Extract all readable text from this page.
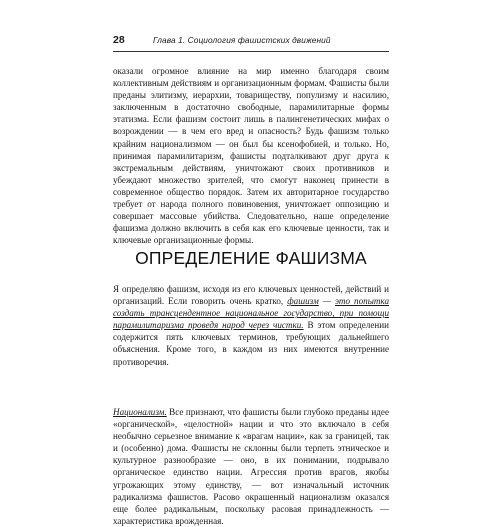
28	Глава 1. Социология фашистских движений

оказали огромное влияние на мир именно благодаря своим коллективным действиям и организационным формам. Фашисты были преданы элитизму, иерархии, товариществу, популизму и насилию, заключенным в достаточно свободные, парамилитарные формы этатизма. Если фашизм состоит лишь в палингенетических мифах о возрождении — в чем его вред и опасность? Будь фашизм только крайним национализмом — он был бы ксенофобией, и только. Но, принимая парамилитаризм, фашисты подталкивают друг друга к экстремальным действиям, уничтожают своих противников и убеждают множество зрителей, что смогут наконец принести в современное общество порядок. Затем их авторитарное государство требует от народа полного повиновения, уничтожает оппозицию и совершает массовые убийства. Следовательно, наше определение фашизма должно включить в себя как его ключевые ценности, так и ключевые организационные формы.

ОПРЕДЕЛЕНИЕ ФАШИЗМА

Я определяю фашизм, исходя из его ключевых ценностей, действий и организаций. Если говорить очень кратко, фашизм — это попытка создать трансцендентное национальное государство, при помощи парамилитаризма проведя народ через чистки. В этом определении содержится пять ключевых терминов, требующих дальнейшего объяснения. Кроме того, в каждом из них имеются внутренние противоречия.

Национализм. Все признают, что фашисты были глубоко преданы идее «органической», «целостной» нации и что это включало в себя необычно серьезное внимание к «врагам нации», как за границей, так и (особенно) дома. Фашисты не склонны были терпеть этническое и культурное разнообразие — оно, в их понимании, подрывало органическое единство нации. Агрессия против врагов, якобы угрожающих этому единству, — вот изначальный источник радикализма фашистов. Расово окрашенный национализм оказался еще более радикальным, поскольку расовая принадлежность — характеристика врожденная.
